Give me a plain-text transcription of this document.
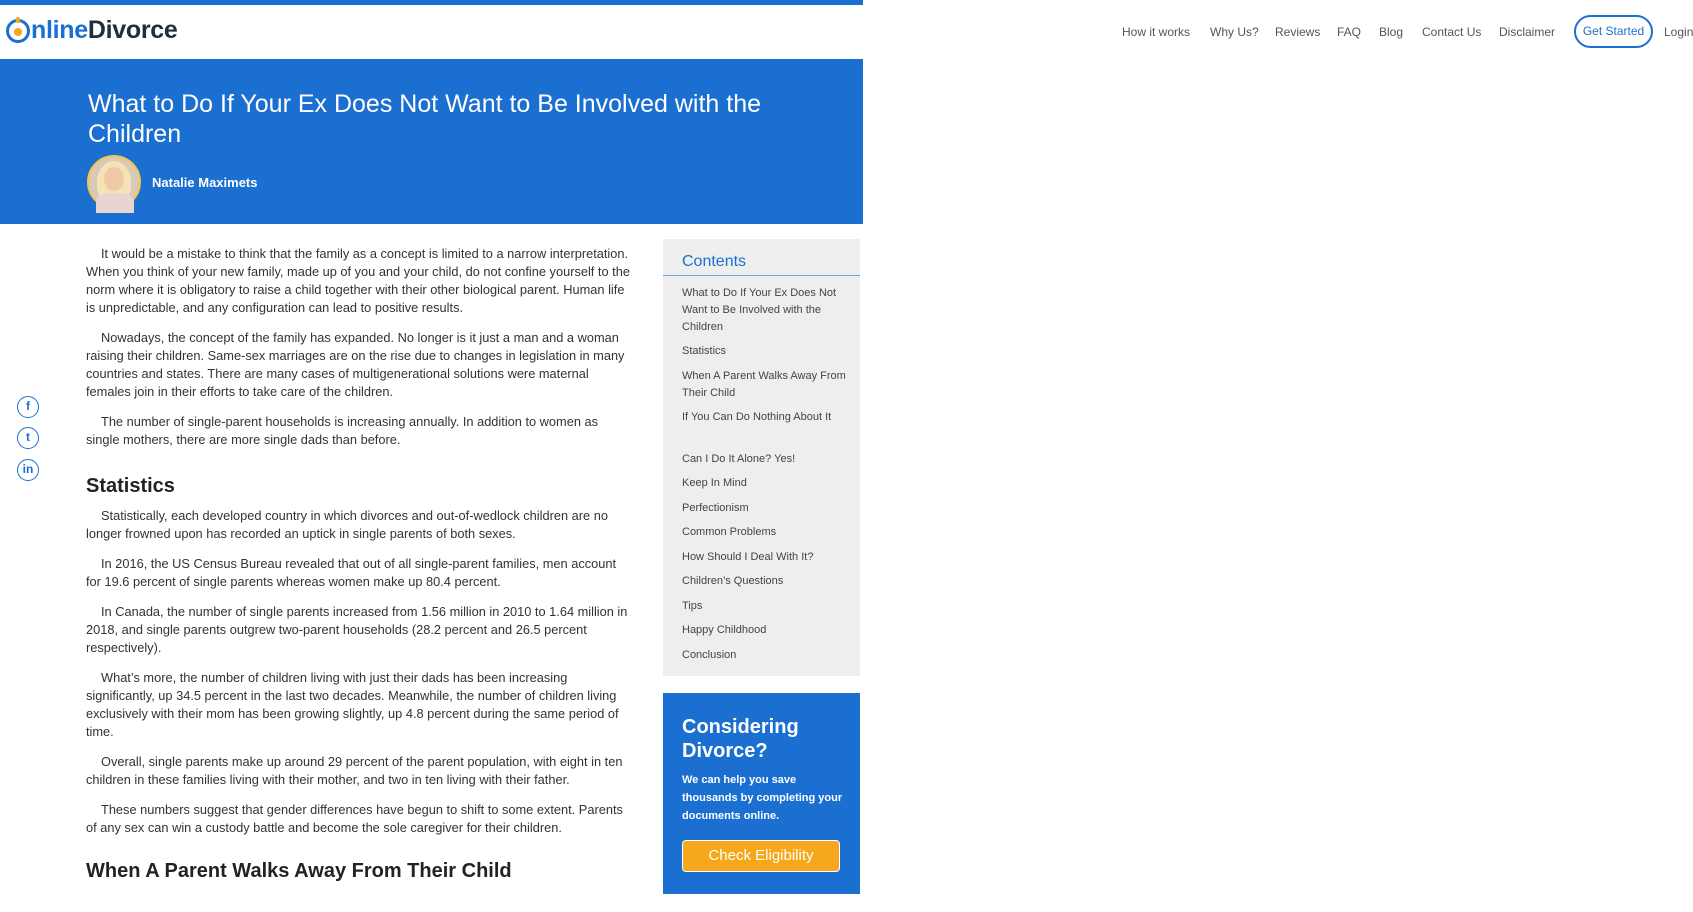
nlineDivorce	How it works Why Us? Reviews FAQ Blog Contact Us Disclaimer	Get Started	Login
What to Do If Your Ex Does Not Want to Be Involved with the Children
Natalie Maximets
f
t
in

It would be a mistake to think that the family as a concept is limited to a narrow interpretation. When you think of your new family, made up of you and your child, do not confine yourself to the norm where it is obligatory to raise a child together with their other biological parent. Human life is unpredictable, and any configuration can lead to positive results.

Nowadays, the concept of the family has expanded. No longer is it just a man and a woman raising their children. Same-sex marriages are on the rise due to changes in legislation in many countries and states. There are many cases of multigenerational solutions were maternal females join in their efforts to take care of the children.

The number of single-parent households is increasing annually. In addition to women as single mothers, there are more single dads than before.

Statistics

Statistically, each developed country in which divorces and out-of-wedlock children are no longer frowned upon has recorded an uptick in single parents of both sexes.

In 2016, the US Census Bureau revealed that out of all single-parent families, men account for 19.6 percent of single parents whereas women make up 80.4 percent.

In Canada, the number of single parents increased from 1.56 million in 2010 to 1.64 million in 2018, and single parents outgrew two-parent households (28.2 percent and 26.5 percent respectively).

What’s more, the number of children living with just their dads has been increasing significantly, up 34.5 percent in the last two decades. Meanwhile, the number of children living exclusively with their mom has been growing slightly, up 4.8 percent during the same period of time.

Overall, single parents make up around 29 percent of the parent population, with eight in ten children in these families living with their mother, and two in ten living with their father.

These numbers suggest that gender differences have begun to shift to some extent. Parents of any sex can win a custody battle and become the sole caregiver for their children.

When A Parent Walks Away From Their Child
Contents
What to Do If Your Ex Does Not Want to Be Involved with the Children
Statistics
When A Parent Walks Away From Their Child
If You Can Do Nothing About It
Can I Do It Alone? Yes!
Keep In Mind
Perfectionism
Common Problems
How Should I Deal With It?
Children’s Questions
Tips
Happy Childhood
Conclusion
Considering Divorce?

We can help you save thousands by completing your documents online.

Check Eligibility
